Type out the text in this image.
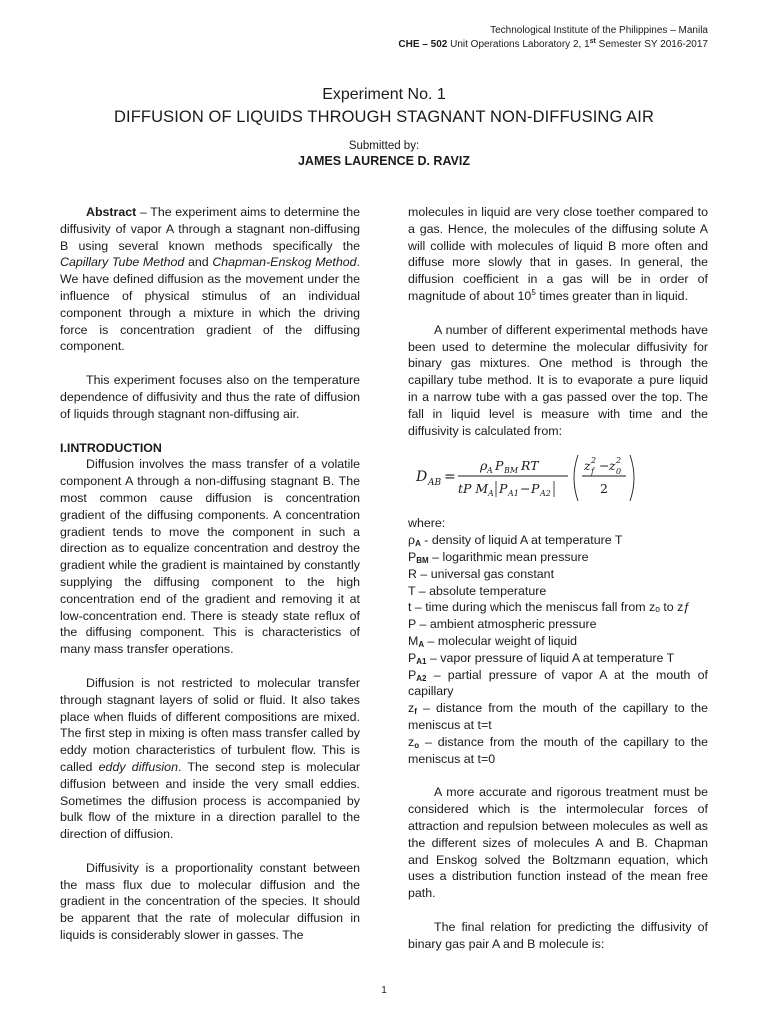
Technological Institute of the Philippines – Manila
CHE – 502 Unit Operations Laboratory 2, 1st Semester SY 2016-2017
Experiment No. 1
DIFFUSION OF LIQUIDS THROUGH STAGNANT NON-DIFFUSING AIR
Submitted by:
JAMES LAURENCE D. RAVIZ

Abstract – The experiment aims to determine the diffusivity of vapor A through a stagnant non-diffusing B using several known methods specifically the Capillary Tube Method and Chapman-Enskog Method. We have defined diffusion as the movement under the influence of physical stimulus of an individual component through a mixture in which the driving force is concentration gradient of the diffusing component.

This experiment focuses also on the temperature dependence of diffusivity and thus the rate of diffusion of liquids through stagnant non-diffusing air.

I.INTRODUCTION

Diffusion involves the mass transfer of a volatile component A through a non-diffusing stagnant B. The most common cause diffusion is concentration gradient of the diffusing components. A concentration gradient tends to move the component in such a direction as to equalize concentration and destroy the gradient while the gradient is maintained by constantly supplying the diffusing component to the high concentration end of the gradient and removing it at low-concentration end. There is steady state reflux of the diffusing component. This is characteristics of many mass transfer operations.

Diffusion is not restricted to molecular transfer through stagnant layers of solid or fluid. It also takes place when fluids of different compositions are mixed. The first step in mixing is often mass transfer called by eddy motion characteristics of turbulent flow. This is called eddy diffusion. The second step is molecular diffusion between and inside the very small eddies. Sometimes the diffusion process is accompanied by bulk flow of the mixture in a direction parallel to the direction of diffusion.

Diffusivity is a proportionality constant between the mass flux due to molecular diffusion and the gradient in the concentration of the species. It should be apparent that the rate of molecular diffusion in liquids is considerably slower in gasses. The

molecules in liquid are very close toether compared to a gas. Hence, the molecules of the diffusing solute A will collide with molecules of liquid B more often and diffuse more slowly that in gases. In general, the diffusion coefficient in a gas will be in order of magnitude of about $10^5$ times greater than in liquid.

A number of different experimental methods have been used to determine the molecular diffusivity for binary gas mixtures. One method is through the capillary tube method. It is to evaporate a pure liquid in a narrow tube with a gas passed over the top. The fall in liquid level is measure with time and the diffusivity is calculated from:

D AB =
ρ A P BM RT
tP M A P A1 − P A2
z f
2 − z 0
2
2

where:

$\rho_A$ - density of liquid A at temperature T

$P_{BM}$ – logarithmic mean pressure

R – universal gas constant

T – absolute temperature

t – time during which the meniscus fall from zₒ to zƒ

P – ambient atmospheric pressure

$M_A$ – molecular weight of liquid

$P_{A1}$ – vapor pressure of liquid A at temperature T

$P_{A2}$ – partial pressure of vapor A at the mouth of capillary

$z_f$ – distance from the mouth of the capillary to the meniscus at t=t

$z_o$ – distance from the mouth of the capillary to the meniscus at t=0

A more accurate and rigorous treatment must be considered which is the intermolecular forces of attraction and repulsion between molecules as well as the different sizes of molecules A and B. Chapman and Enskog solved the Boltzmann equation, which uses a distribution function instead of the mean free path.

The final relation for predicting the diffusivity of binary gas pair A and B molecule is:

1
